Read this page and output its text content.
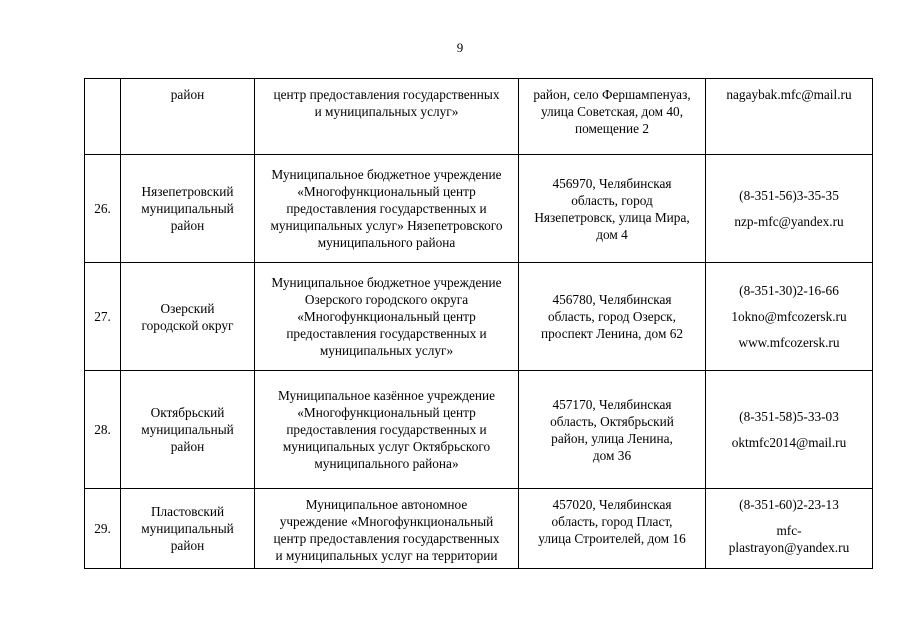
9

	район	центр предоставления государственных
и муниципальных услуг»	район, село Фершампенуаз,
улица Советская, дом 40,
помещение 2	nagaybak.mfc@mail.ru

26.	Нязепетровский
муниципальный
район	Муниципальное бюджетное учреждение
«Многофункциональный центр
предоставления государственных и
муниципальных услуг» Нязепетровского
муниципального района	456970, Челябинская
область, город
Нязепетровск, улица Мира,
дом 4	(8-351-56)3-35-35
nzp-mfc@yandex.ru

27.	Озерский
городской округ	Муниципальное бюджетное учреждение
Озерского городского округа
«Многофункциональный центр
предоставления государственных и
муниципальных услуг»	456780, Челябинская
область, город Озерск,
проспект Ленина, дом 62	(8-351-30)2-16-66
1okno@mfcozersk.ru
www.mfcozersk.ru

28.	Октябрьский
муниципальный
район	Муниципальное казённое учреждение
«Многофункциональный центр
предоставления государственных и
муниципальных услуг Октябрьского
муниципального района»	457170, Челябинская
область, Октябрьский
район, улица Ленина,
дом 36	(8-351-58)5-33-03
oktmfc2014@mail.ru

29.	Пластовский
муниципальный
район	Муниципальное автономное
учреждение «Многофункциональный
центр предоставления государственных
и муниципальных услуг на территории	457020, Челябинская
область, город Пласт,
улица Строителей, дом 16	(8-351-60)2-23-13
mfc-
plastrayon@yandex.ru
